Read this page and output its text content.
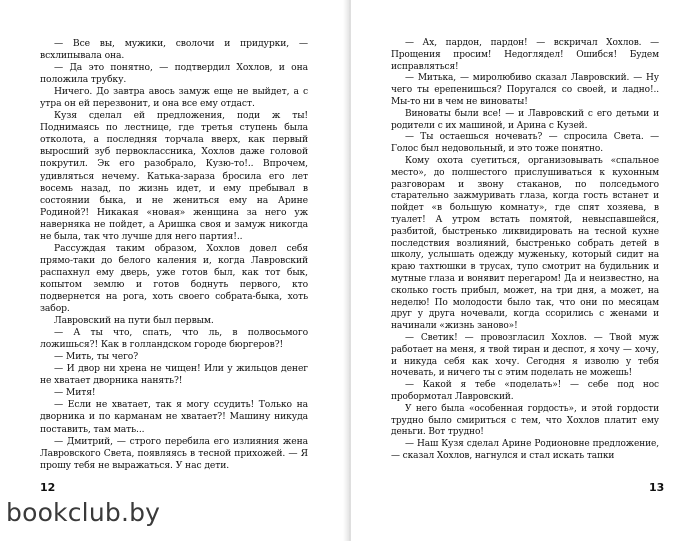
— Все вы, мужики, сволочи и придурки, — всхлипывала она.

— Да это понятно, — подтвердил Хохлов, и она положила трубку.

Ничего. До завтра авось замуж еще не выйдет, а с утра он ей перезвонит, и она все ему отдаст.

Кузя сделал ей предложения, поди ж ты! Поднимаясь по лестнице, где третья ступень была отколота, а последняя торчала вверх, как первый выросший зуб первоклассника, Хохлов даже головой покрутил. Эк его разобрало, Кузю-то!.. Впрочем, удивляться нечему. Катька-зараза бросила его лет восемь назад, по жизнь идет, и ему пребывал в состоянии быка, и не жениться ему на Арине Родиной?! Никакая «новая» женщина за него уж наверняка не пойдет, а Аришка своя и замуж никогда не была, так что лучше для него партия!..

Рассуждая таким образом, Хохлов довел себя прямо-таки до белого каления и, когда Лавровский распахнул ему дверь, уже готов был, как тот бык, копытом землю и готов боднуть первого, кто подвернется на рога, хоть своего собрата-быка, хоть забор.

Лавровский на пути был первым.

— А ты что, спать, что ль, в полвосьмого ложишься?! Как в голландском городе бюргеров?!

— Мить, ты чего?

— И двор ни хрена не чищен! Или у жильцов денег не хватает дворника нанять?!

— Митя!

— Если не хватает, так я могу ссудить! Только на дворника и по карманам не хватает?! Машину никуда поставить, там мать...

— Дмитрий, — строго перебила его излияния жена Лавровского Света, появляясь в тесной прихожей. — Я прошу тебя не выражаться. У нас дети.

12

— Ах, пардон, пардон! — вскричал Хохлов. — Прощения просим! Недоглядел! Ошибся! Будем исправляться!

— Митька, — миролюбиво сказал Лавровский. — Ну чего ты ерепенишься? Поругался со своей, и ладно!.. Мы-то ни в чем не виноваты!

Виноваты были все! — и Лавровский с его детьми и родители с их машиной, и Арина с Кузей.

— Ты остаешься ночевать? — спросила Света. — Голос был недовольный, и это тоже понятно.

Кому охота суетиться, организовывать «спальное место», до полшестого прислушиваться к кухонным разговорам и звону стаканов, по полседьмого старательно зажмуривать глаза, когда гость встанет и пойдет «в большую комнату», где спят хозяева, в туалет! А утром встать помятой, невыспавшейся, разбитой, быстренько ликвидировать на тесной кухне последствия возлияний, быстренько собрать детей в школу, услышать одежду муженьку, который сидит на краю тахтюшки в трусах, тупо смотрит на будильник и мутные глаза и вонявит перегаром! Да и неизвестно, на сколько гость прибыл, может, на три дня, а может, на неделю! По молодости было так, что они по месяцам друг у друга ночевали, когда ссорились с женами и начинали «жизнь заново»!

— Светик! — провозгласил Хохлов. — Твой муж работает на меня, я твой тиран и деспот, я хочу — хочу, и никуда себя как хочу. Сегодня я изволю у тебя ночевать, и ничего ты с этим поделать не можешь!

— Какой я тебе «поделать»! — себе под нос пробормотал Лавровский.

У него была «особенная гордость», и этой гордости трудно было смириться с тем, что Хохлов платит ему деньги. Вот трудно!

— Наш Кузя сделал Арине Родионовне предложение, — сказал Хохлов, нагнулся и стал искать тапки

13
bookclub.by
